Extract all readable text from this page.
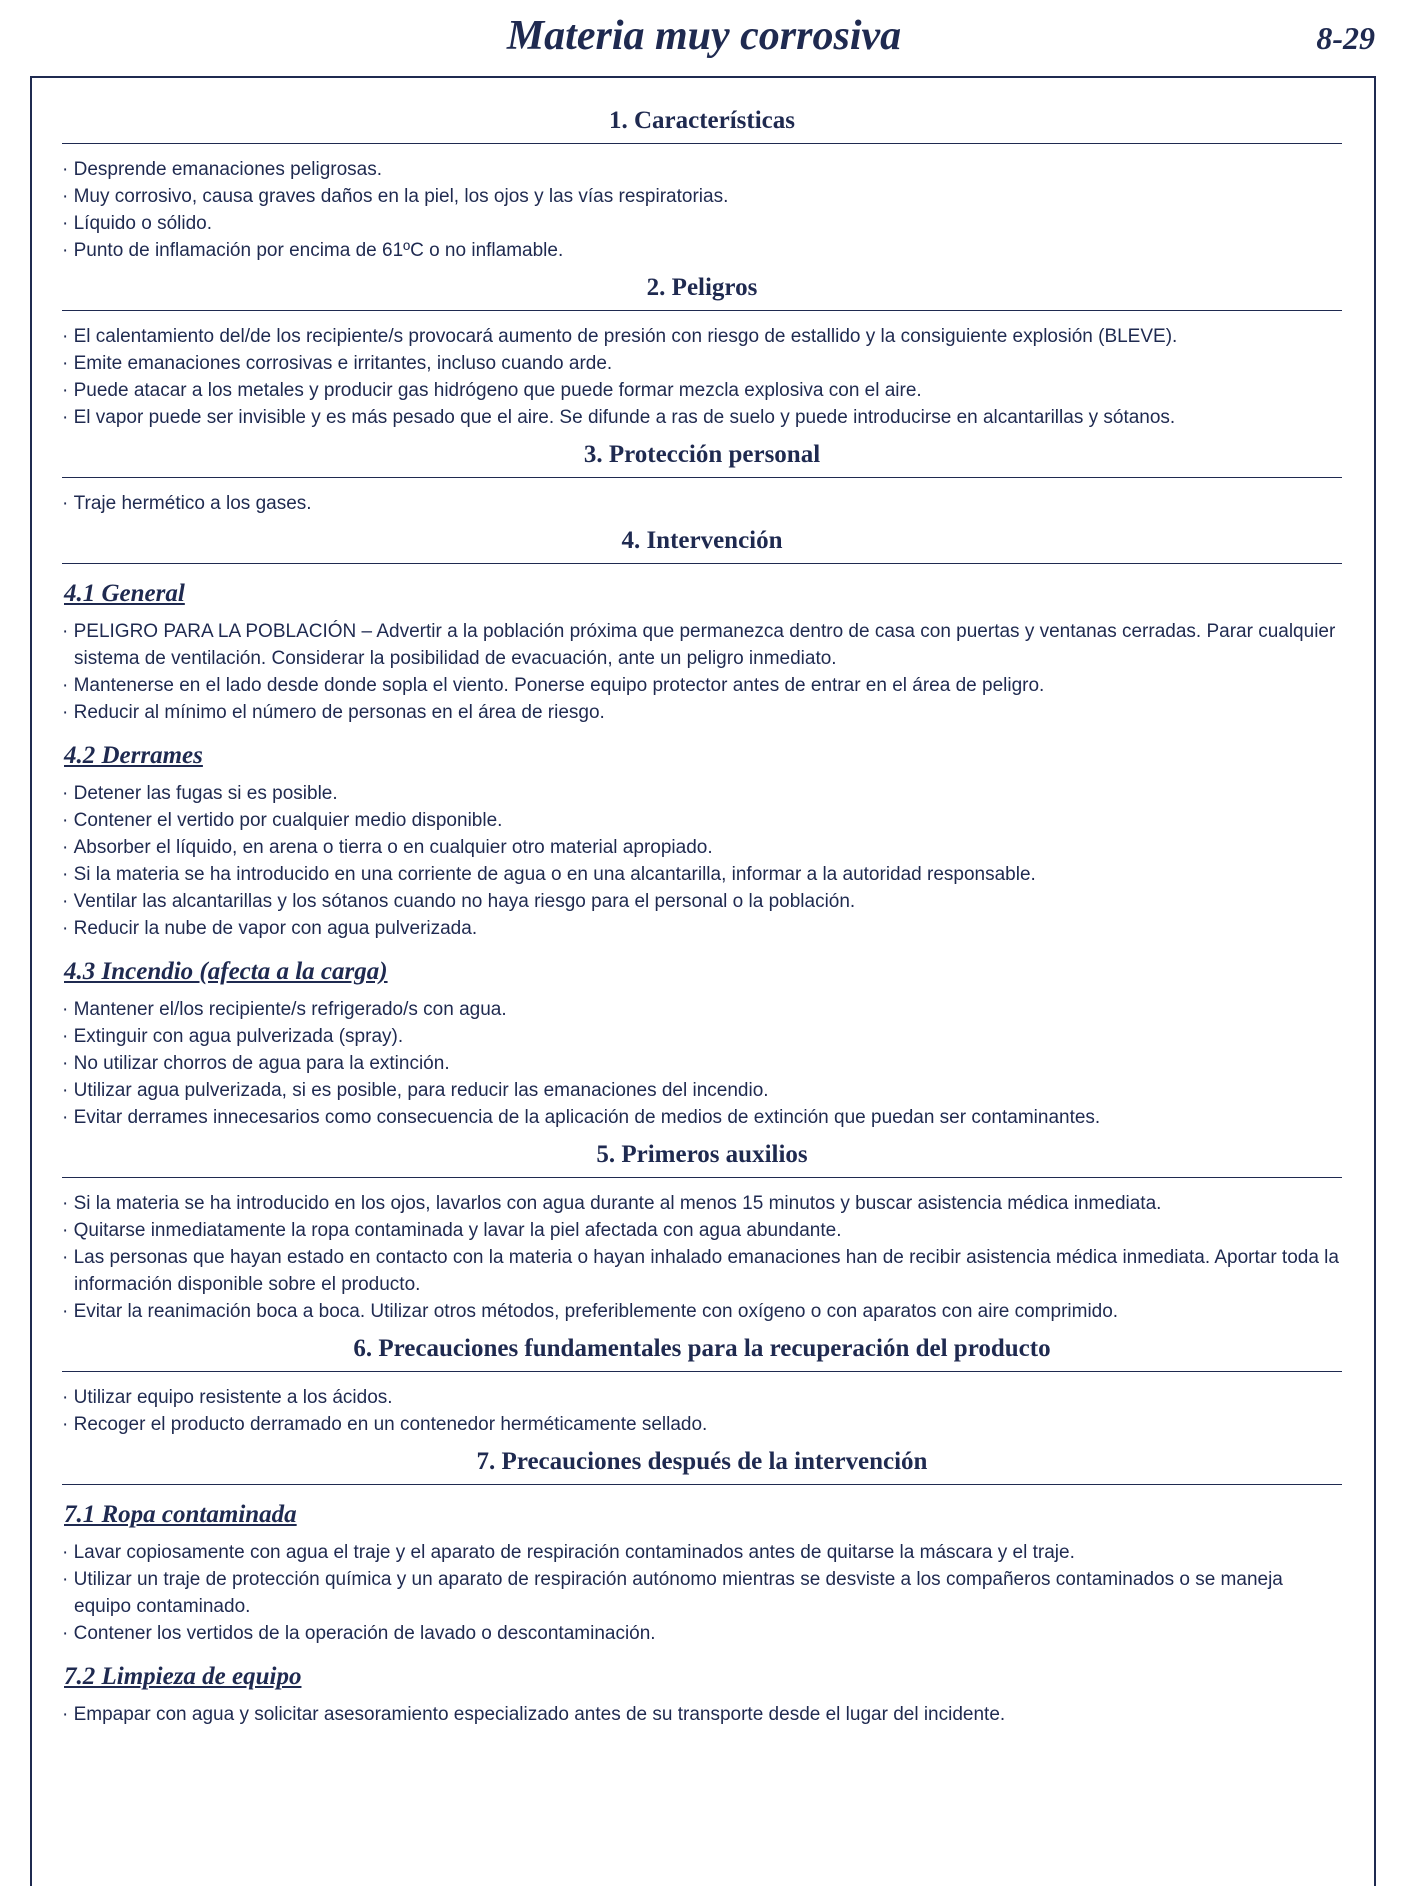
Materia muy corrosiva	8-29
1. Características
· Desprende emanaciones peligrosas.
· Muy corrosivo, causa graves daños en la piel, los ojos y las vías respiratorias.
· Líquido o sólido.
· Punto de inflamación por encima de 61ºC o no inflamable.
2. Peligros
· El calentamiento del/de los recipiente/s provocará aumento de presión con riesgo de estallido y la consiguiente explosión (BLEVE).
· Emite emanaciones corrosivas e irritantes, incluso cuando arde.
· Puede atacar a los metales y producir gas hidrógeno que puede formar mezcla explosiva con el aire.
· El vapor puede ser invisible y es más pesado que el aire. Se difunde a ras de suelo y puede introducirse en alcantarillas y sótanos.
3. Protección personal
· Traje hermético a los gases.
4. Intervención
4.1 General
· PELIGRO PARA LA POBLACIÓN – Advertir a la población próxima que permanezca dentro de casa con puertas y ventanas cerradas. Parar cualquier sistema de ventilación. Considerar la posibilidad de evacuación, ante un peligro inmediato.
· Mantenerse en el lado desde donde sopla el viento. Ponerse equipo protector antes de entrar en el área de peligro.
· Reducir al mínimo el número de personas en el área de riesgo.
4.2 Derrames
· Detener las fugas si es posible.
· Contener el vertido por cualquier medio disponible.
· Absorber el líquido, en arena o tierra o en cualquier otro material apropiado.
· Si la materia se ha introducido en una corriente de agua o en una alcantarilla, informar a la autoridad responsable.
· Ventilar las alcantarillas y los sótanos cuando no haya riesgo para el personal o la población.
· Reducir la nube de vapor con agua pulverizada.
4.3 Incendio (afecta a la carga)
· Mantener el/los recipiente/s refrigerado/s con agua.
· Extinguir con agua pulverizada (spray).
· No utilizar chorros de agua para la extinción.
· Utilizar agua pulverizada, si es posible, para reducir las emanaciones del incendio.
· Evitar derrames innecesarios como consecuencia de la aplicación de medios de extinción que puedan ser contaminantes.
5. Primeros auxilios
· Si la materia se ha introducido en los ojos, lavarlos con agua durante al menos 15 minutos y buscar asistencia médica inmediata.
· Quitarse inmediatamente la ropa contaminada y lavar la piel afectada con agua abundante.
· Las personas que hayan estado en contacto con la materia o hayan inhalado emanaciones han de recibir asistencia médica inmediata. Aportar toda la información disponible sobre el producto.
· Evitar la reanimación boca a boca. Utilizar otros métodos, preferiblemente con oxígeno o con aparatos con aire comprimido.
6. Precauciones fundamentales para la recuperación del producto
· Utilizar equipo resistente a los ácidos.
· Recoger el producto derramado en un contenedor herméticamente sellado.
7. Precauciones después de la intervención
7.1 Ropa contaminada
· Lavar copiosamente con agua el traje y el aparato de respiración contaminados antes de quitarse la máscara y el traje.
· Utilizar un traje de protección química y un aparato de respiración autónomo mientras se desviste a los compañeros contaminados o se maneja equipo contaminado.
· Contener los vertidos de la operación de lavado o descontaminación.
7.2 Limpieza de equipo
· Empapar con agua y solicitar asesoramiento especializado antes de su transporte desde el lugar del incidente.
